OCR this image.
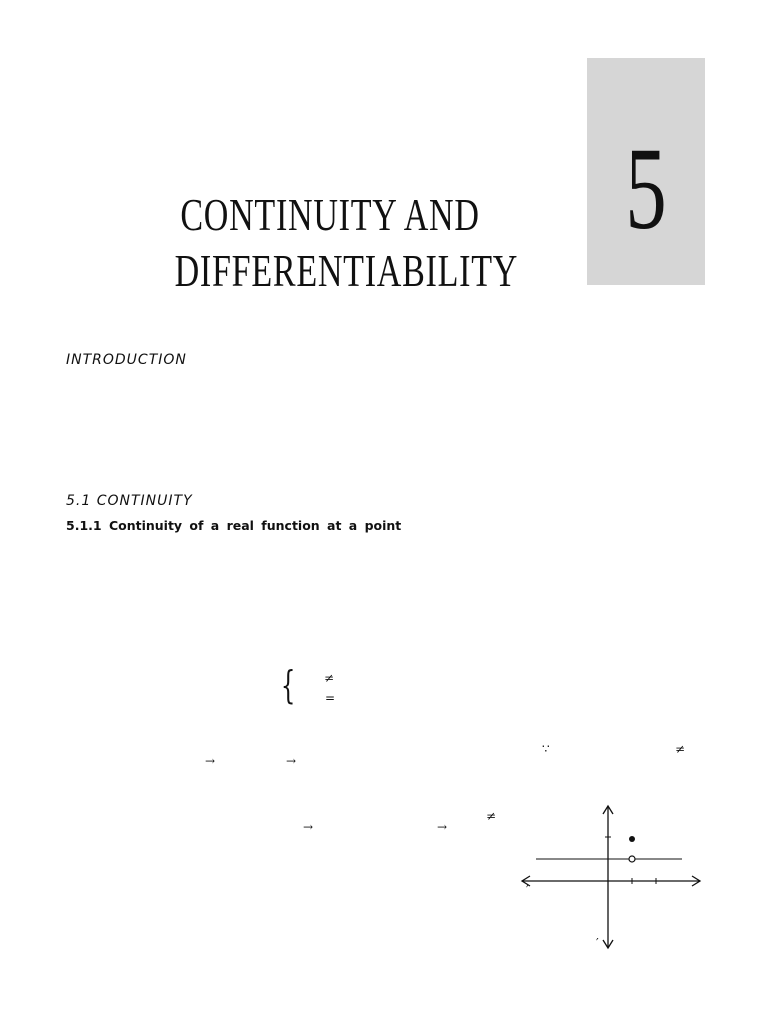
5
CONTINUITY AND
DIFFERENTIABILITY
INTRODUCTION
5.1 CONTINUITY
5.1.1 Continuity of a real function at a point
{ ≠
=
→	→
∵	≠
→	→
≠
′
′
